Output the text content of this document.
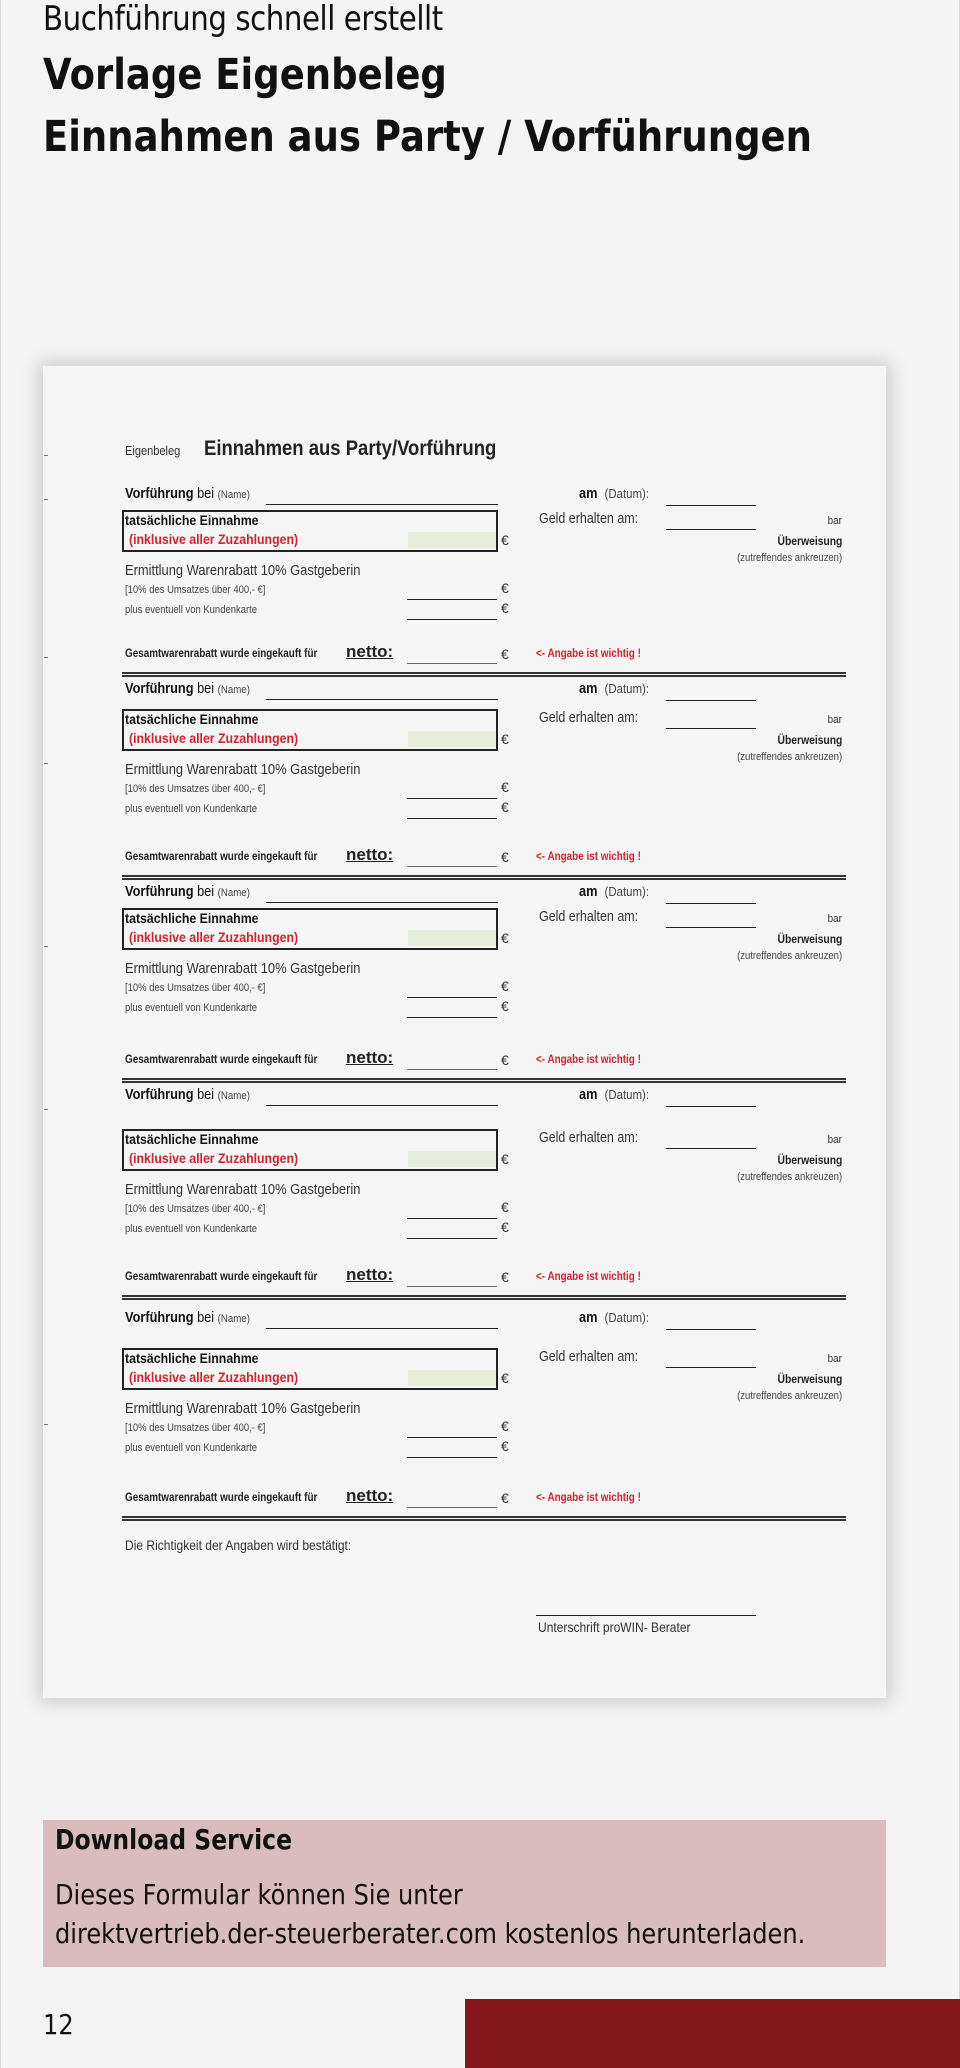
Buchführung schnell erstellt
Vorlage Eigenbeleg
Einnahmen aus Party / Vorführungen
Eigenbeleg Einnahmen aus Party/Vorführung
Vorführung bei (Name)	am (Datum):
tatsächliche Einnahme
(inklusive aller Zuzahlungen)	€
Geld erhalten am:	bar
Überweisung
(zutreffendes ankreuzen)
Ermittlung Warenrabatt 10% Gastgeberin
[10% des Umsatzes über 400,- €]	€
plus eventuell von Kundenkarte	€
Gesamtwarenrabatt wurde eingekauft für netto:	€ <- Angabe ist wichtig !
Vorführung bei (Name)	am (Datum):
tatsächliche Einnahme
(inklusive aller Zuzahlungen)	€
Geld erhalten am:	bar
Überweisung
(zutreffendes ankreuzen)
Ermittlung Warenrabatt 10% Gastgeberin
[10% des Umsatzes über 400,- €]	€
plus eventuell von Kundenkarte	€
Gesamtwarenrabatt wurde eingekauft für netto:	€ <- Angabe ist wichtig !
Vorführung bei (Name)	am (Datum):
tatsächliche Einnahme
(inklusive aller Zuzahlungen)	€
Geld erhalten am:	bar
Überweisung
(zutreffendes ankreuzen)
Ermittlung Warenrabatt 10% Gastgeberin
[10% des Umsatzes über 400,- €]	€
plus eventuell von Kundenkarte	€
Gesamtwarenrabatt wurde eingekauft für netto:	€ <- Angabe ist wichtig !
Vorführung bei (Name)	am (Datum):
tatsächliche Einnahme
(inklusive aller Zuzahlungen)	€
Geld erhalten am:	bar
Überweisung
(zutreffendes ankreuzen)
Ermittlung Warenrabatt 10% Gastgeberin
[10% des Umsatzes über 400,- €]	€
plus eventuell von Kundenkarte	€
Gesamtwarenrabatt wurde eingekauft für netto:	€ <- Angabe ist wichtig !
Vorführung bei (Name)	am (Datum):
tatsächliche Einnahme
(inklusive aller Zuzahlungen)	€
Geld erhalten am:	bar
Überweisung
(zutreffendes ankreuzen)
Ermittlung Warenrabatt 10% Gastgeberin
[10% des Umsatzes über 400,- €]	€
plus eventuell von Kundenkarte	€
Gesamtwarenrabatt wurde eingekauft für netto:	€ <- Angabe ist wichtig !
Die Richtigkeit der Angaben wird bestätigt:
Unterschrift proWIN- Berater
Download Service
Dieses Formular können Sie unter
direktvertrieb.der-steuerberater.com kostenlos herunterladen.
12
